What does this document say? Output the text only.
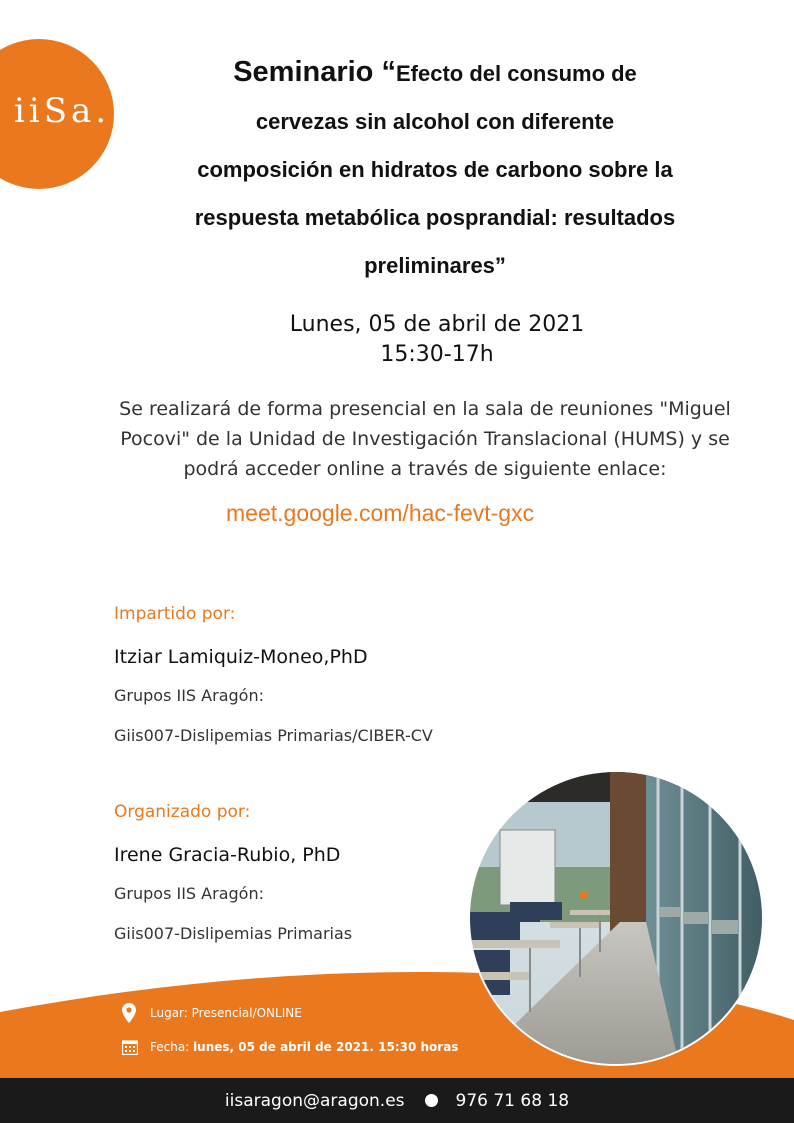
iiSa.
Seminario “Efecto del consumo de
cervezas sin alcohol con diferente
composición en hidratos de carbono sobre la
respuesta metabólica posprandial: resultados
preliminares”
Lunes, 05 de abril de 2021
15:30-17h
Se realizará de forma presencial en la sala de reuniones "Miguel
Pocovi" de la Unidad de Investigación Translacional (HUMS) y se
podrá acceder online a través de siguiente enlace:
meet.google.com/hac-fevt-gxc
Impartido por:
Itziar Lamiquiz-Moneo,PhD
Grupos IIS Aragón:
Giis007-Dislipemias Primarias/CIBER-CV
Organizado por:
Irene Gracia-Rubio, PhD
Grupos IIS Aragón:
Giis007-Dislipemias Primarias
Lugar: Presencial/ONLINE
Fecha:
lunes, 05 de abril de 2021. 15:30 horas
iisaragon@aragon.es	976 71 68 18
